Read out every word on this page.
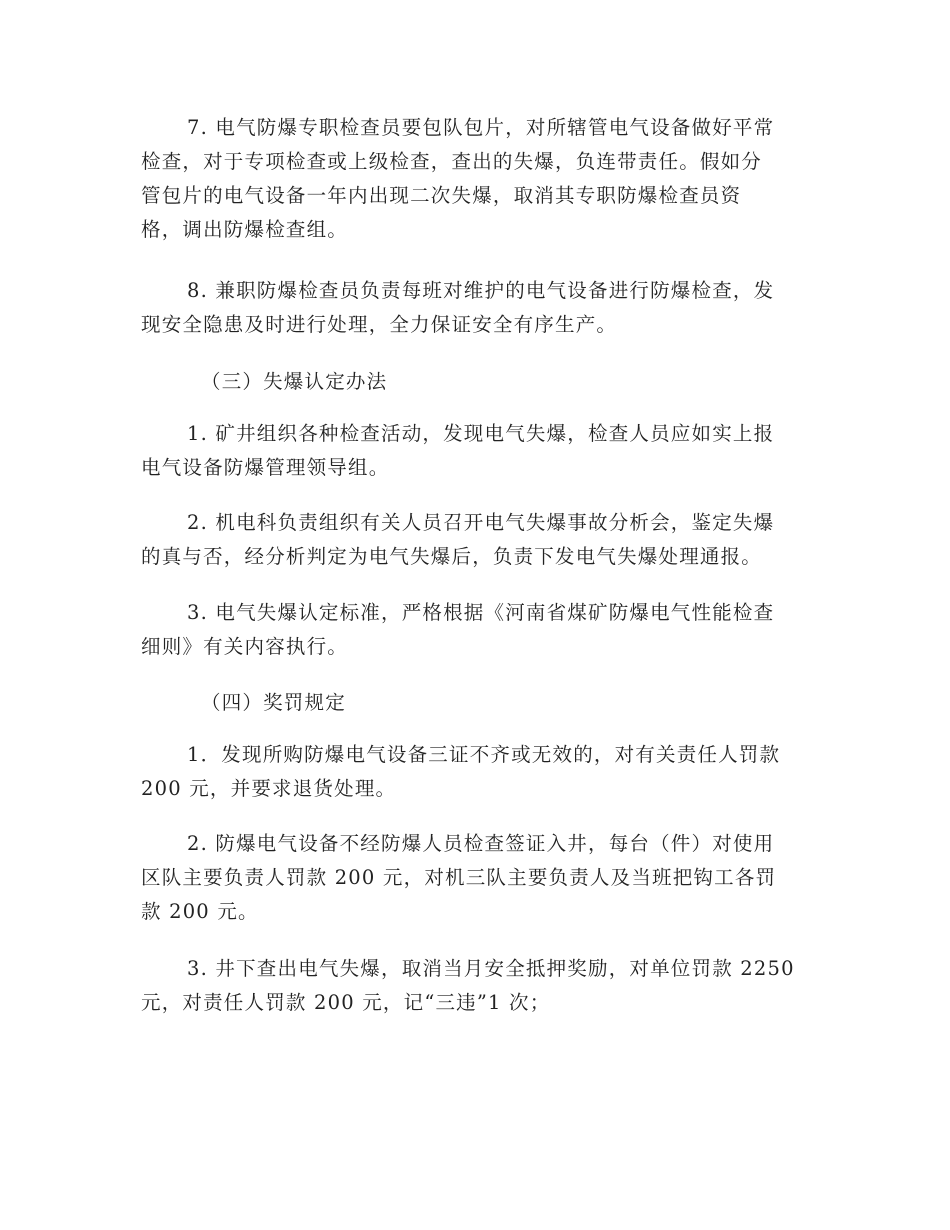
7. 电气防爆专职检查员要包队包片，对所辖管电气设备做好平常
检查，对于专项检查或上级检查，查出的失爆，负连带责任。假如分
管包片的电气设备一年内出现二次失爆，取消其专职防爆检查员资
格，调出防爆检查组。
8. 兼职防爆检查员负责每班对维护的电气设备进行防爆检查，发
现安全隐患及时进行处理，全力保证安全有序生产。
（三）失爆认定办法
1. 矿井组织各种检查活动，发现电气失爆，检查人员应如实上报
电气设备防爆管理领导组。
2. 机电科负责组织有关人员召开电气失爆事故分析会，鉴定失爆
的真与否，经分析判定为电气失爆后，负责下发电气失爆处理通报。
3. 电气失爆认定标准，严格根据《河南省煤矿防爆电气性能检查
细则》有关内容执行。
（四）奖罚规定
1．发现所购防爆电气设备三证不齐或无效的，对有关责任人罚款
200 元，并要求退货处理。
2. 防爆电气设备不经防爆人员检查签证入井，每台（件）对使用
区队主要负责人罚款 200 元，对机三队主要负责人及当班把钩工各罚
款 200 元。
3. 井下查出电气失爆，取消当月安全抵押奖励，对单位罚款 2250
元，对责任人罚款 200 元，记“三违”1 次；
